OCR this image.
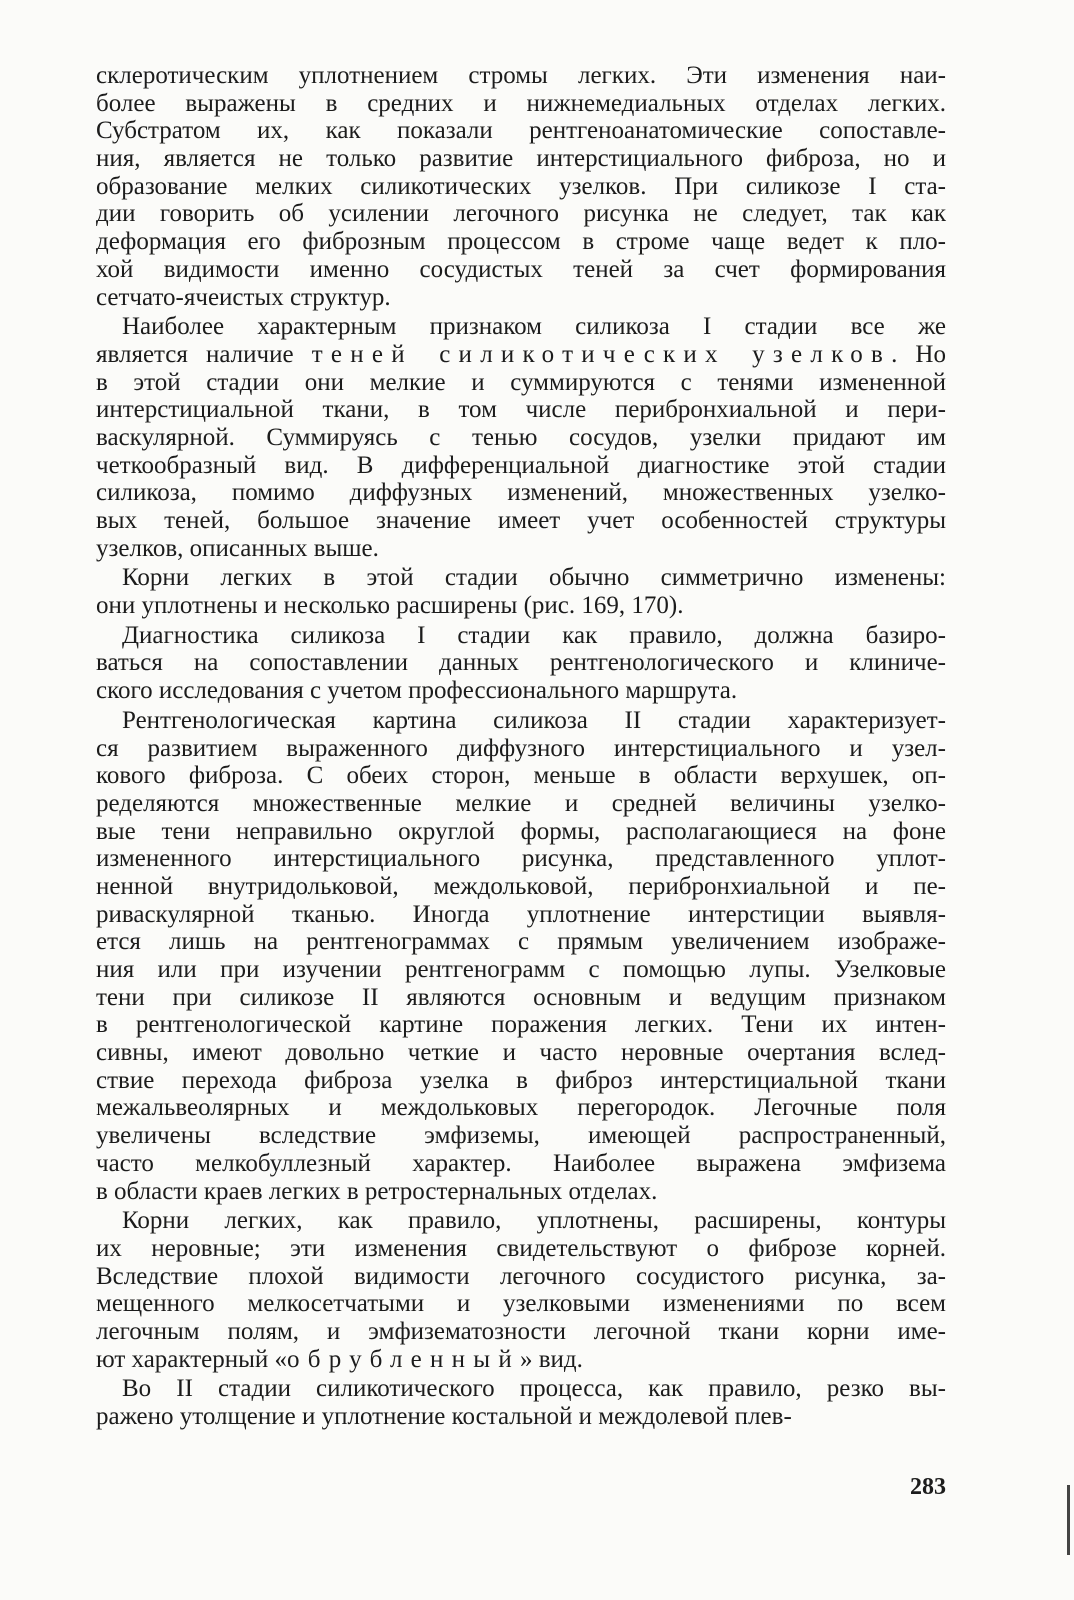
склеротическим уплотнением стромы легких. Эти изменения наи-
более выражены в средних и нижнемедиальных отделах легких.
Субстратом их, как показали рентгеноанатомические сопоставле-
ния, является не только развитие интерстициального фиброза, но и
образование мелких силикотических узелков. При силикозе I ста-
дии говорить об усилении легочного рисунка не следует, так как
деформация его фиброзным процессом в строме чаще ведет к пло-
хой видимости именно сосудистых теней за счет формирования
сетчато-ячеистых структур.
Наиболее характерным признаком силикоза I стадии все же
является наличие теней силикотических узелков. Но
в этой стадии они мелкие и суммируются с тенями измененной
интерстициальной ткани, в том числе перибронхиальной и пери-
васкулярной. Суммируясь с тенью сосудов, узелки придают им
четкообразный вид. В дифференциальной диагностике этой стадии
силикоза, помимо диффузных изменений, множественных узелко-
вых теней, большое значение имеет учет особенностей структуры
узелков, описанных выше.
Корни легких в этой стадии обычно симметрично изменены:
они уплотнены и несколько расширены (рис. 169, 170).
Диагностика силикоза I стадии как правило, должна базиро-
ваться на сопоставлении данных рентгенологического и клиниче-
ского исследования с учетом профессионального маршрута.
Рентгенологическая картина силикоза II стадии характеризует-
ся развитием выраженного диффузного интерстициального и узел-
кового фиброза. С обеих сторон, меньше в области верхушек, оп-
ределяются множественные мелкие и средней величины узелко-
вые тени неправильно округлой формы, располагающиеся на фоне
измененного интерстициального рисунка, представленного уплот-
ненной внутридольковой, междольковой, перибронхиальной и пе-
риваскулярной тканью. Иногда уплотнение интерстиции выявля-
ется лишь на рентгенограммах с прямым увеличением изображе-
ния или при изучении рентгенограмм с помощью лупы. Узелковые
тени при силикозе II являются основным и ведущим признаком
в рентгенологической картине поражения легких. Тени их интен-
сивны, имеют довольно четкие и часто неровные очертания вслед-
ствие перехода фиброза узелка в фиброз интерстициальной ткани
межальвеолярных и междольковых перегородок. Легочные поля
увеличены вследствие эмфиземы, имеющей распространенный,
часто мелкобуллезный характер. Наиболее выражена эмфизема
в области краев легких в ретростернальных отделах.
Корни легких, как правило, уплотнены, расширены, контуры
их неровные; эти изменения свидетельствуют о фиброзе корней.
Вследствие плохой видимости легочного сосудистого рисунка, за-
мещенного мелкосетчатыми и узелковыми изменениями по всем
легочным полям, и эмфизематозности легочной ткани корни име-
ют характерный «обрубленный» вид.
Во II стадии силикотического процесса, как правило, резко вы-
ражено утолщение и уплотнение костальной и междолевой плев-
283
